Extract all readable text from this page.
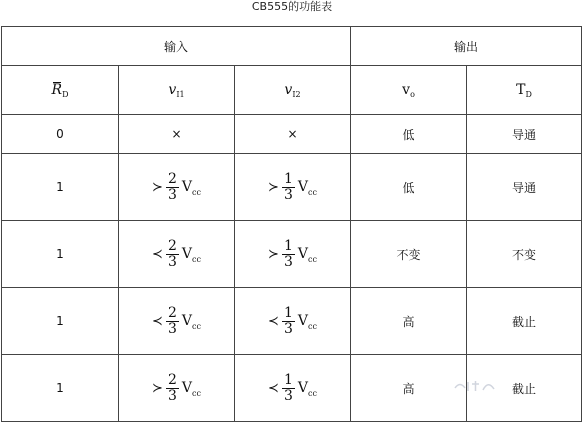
CB555的功能表
输入			输出	
$R_D$	$v_{I1}$	$v_{I2}$	$v_o$	$T_D$
0	×	×	低	导通
1	≻ $\frac{2}{3} V_{cc}$	≻ $\frac{1}{3} V_{cc}$	低	导通
1	≺ $\frac{2}{3} V_{cc}$	≻ $\frac{1}{3} V_{cc}$	不变	不变
1	≺ $\frac{2}{3} V_{cc}$	≺ $\frac{1}{3} V_{cc}$	高	截止
1	≻ $\frac{2}{3} V_{cc}$	≺ $\frac{1}{3} V_{cc}$	高	截止
